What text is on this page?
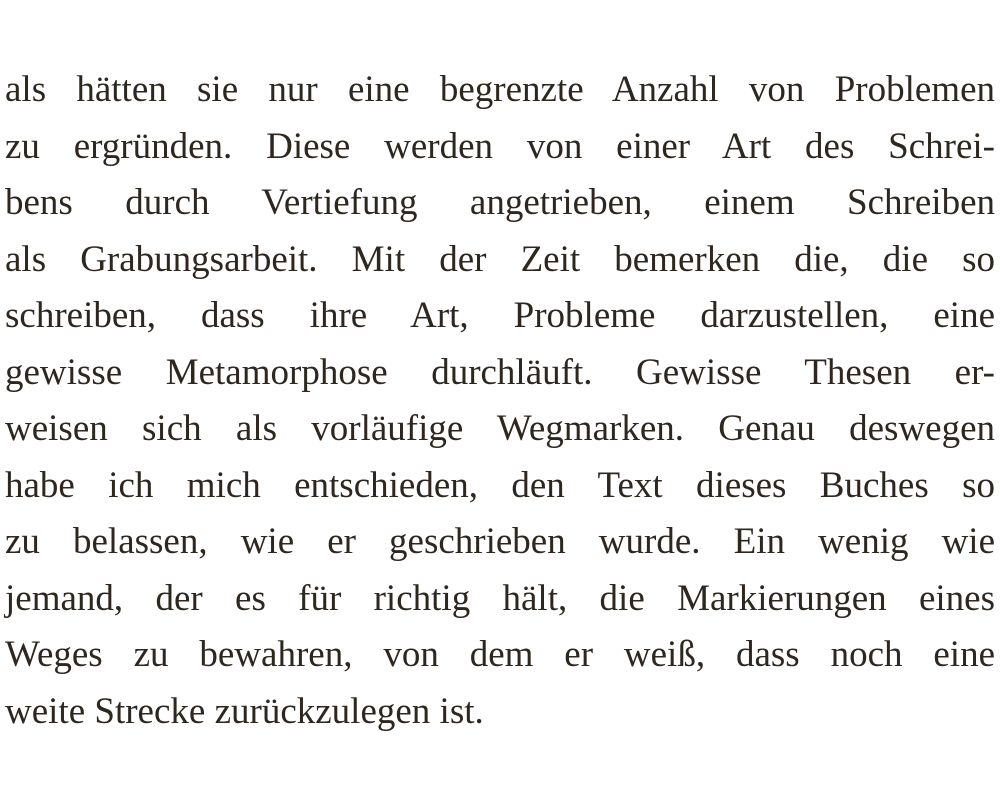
als hätten sie nur eine begrenzte Anzahl von Problemen
zu ergründen. Diese werden von einer Art des Schrei-
bens durch Vertiefung angetrieben, einem Schreiben
als Grabungsarbeit. Mit der Zeit bemerken die, die so
schreiben, dass ihre Art, Probleme darzustellen, eine
gewisse Metamorphose durchläuft. Gewisse Thesen er-
weisen sich als vorläufige Wegmarken. Genau deswegen
habe ich mich entschieden, den Text dieses Buches so
zu belassen, wie er geschrieben wurde. Ein wenig wie
jemand, der es für richtig hält, die Markierungen eines
Weges zu bewahren, von dem er weiß, dass noch eine
weite Strecke zurückzulegen ist.
